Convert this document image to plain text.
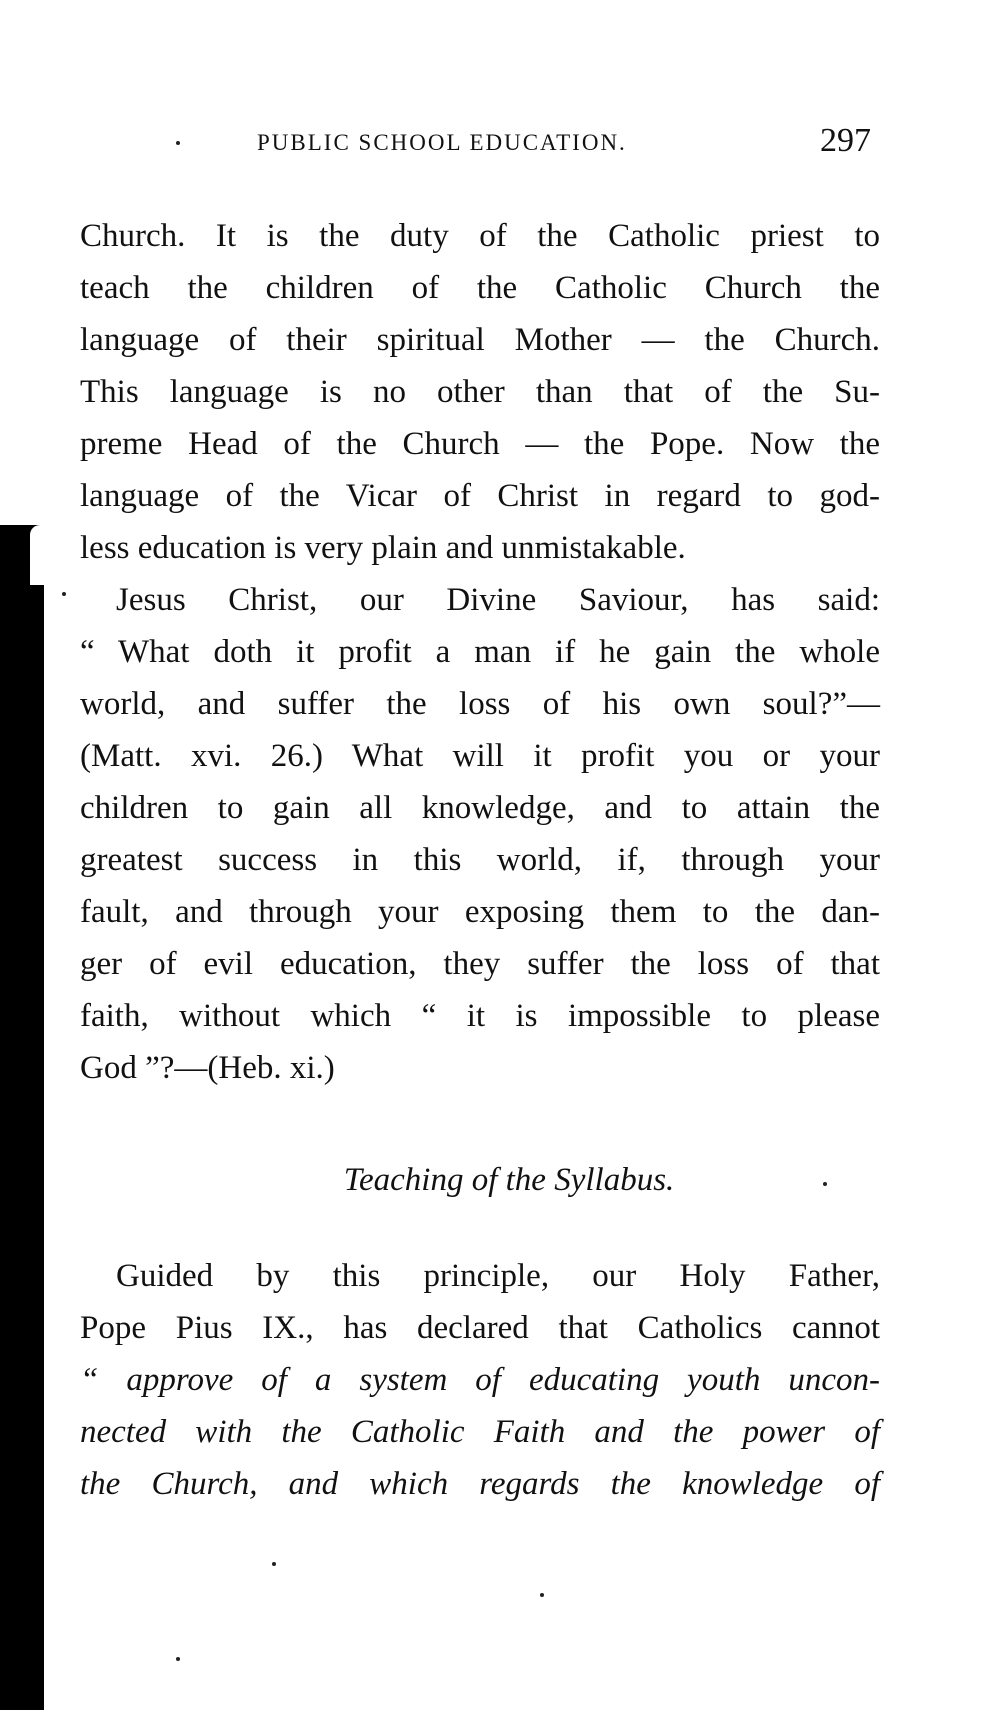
PUBLIC SCHOOL EDUCATION.	297
Church. It is the duty of the Catholic priest to
teach the children of the Catholic Church the
language of their spiritual Mother — the Church.
This language is no other than that of the Su-
preme Head of the Church — the Pope. Now the
language of the Vicar of Christ in regard to god-
less education is very plain and unmistakable.
Jesus Christ, our Divine Saviour, has said:
“ What doth it profit a man if he gain the whole
world, and suffer the loss of his own soul?”—
(Matt. xvi. 26.) What will it profit you or your
children to gain all knowledge, and to attain the
greatest success in this world, if, through your
fault, and through your exposing them to the dan-
ger of evil education, they suffer the loss of that
faith, without which “ it is impossible to please
God ”?—(Heb. xi.)
Teaching of the Syllabus.
Guided by this principle, our Holy Father,
Pope Pius IX., has declared that Catholics cannot
“ approve of a system of educating youth uncon-
nected with the Catholic Faith and the power of
the Church, and which regards the knowledge of
